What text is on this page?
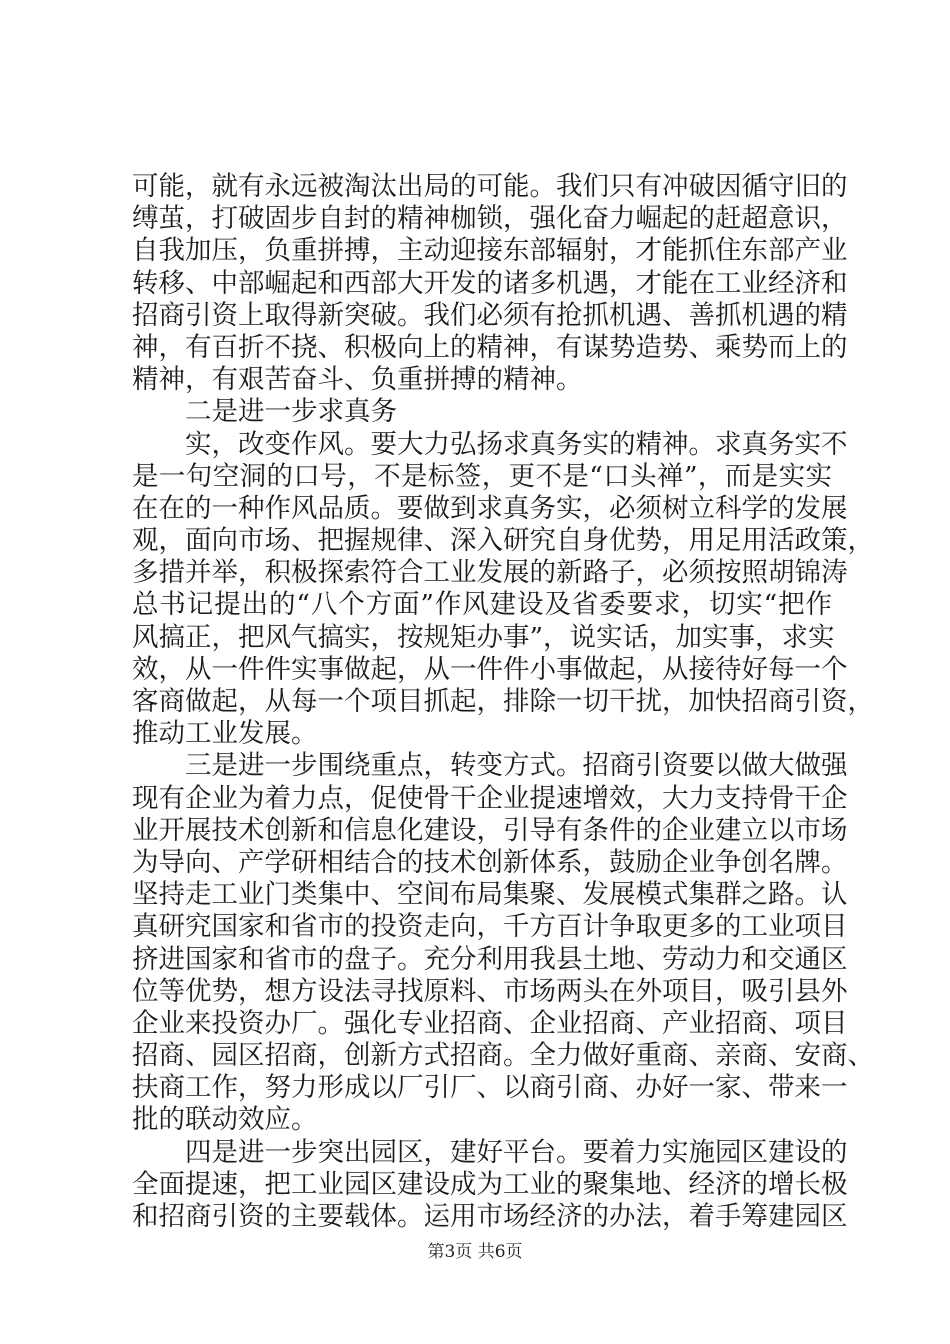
可能，就有永远被淘汰出局的可能。我们只有冲破因循守旧的
缚茧，打破固步自封的精神枷锁，强化奋力崛起的赶超意识，
自我加压，负重拼搏，主动迎接东部辐射，才能抓住东部产业
转移、中部崛起和西部大开发的诸多机遇，才能在工业经济和
招商引资上取得新突破。我们必须有抢抓机遇、善抓机遇的精
神，有百折不挠、积极向上的精神，有谋势造势、乘势而上的
精神，有艰苦奋斗、负重拼搏的精神。
　　二是进一步求真务
　　实，改变作风。要大力弘扬求真务实的精神。求真务实不
是一句空洞的口号，不是标签，更不是“口头禅”，而是实实
在在的一种作风品质。要做到求真务实，必须树立科学的发展
观，面向市场、把握规律、深入研究自身优势，用足用活政策，
多措并举，积极探索符合工业发展的新路子，必须按照胡锦涛
总书记提出的“八个方面”作风建设及省委要求，切实“把作
风搞正，把风气搞实，按规矩办事”，说实话，加实事，求实
效，从一件件实事做起，从一件件小事做起，从接待好每一个
客商做起，从每一个项目抓起，排除一切干扰，加快招商引资，
推动工业发展。
　　三是进一步围绕重点，转变方式。招商引资要以做大做强
现有企业为着力点，促使骨干企业提速增效，大力支持骨干企
业开展技术创新和信息化建设，引导有条件的企业建立以市场
为导向、产学研相结合的技术创新体系，鼓励企业争创名牌。
坚持走工业门类集中、空间布局集聚、发展模式集群之路。认
真研究国家和省市的投资走向，千方百计争取更多的工业项目
挤进国家和省市的盘子。充分利用我县土地、劳动力和交通区
位等优势，想方设法寻找原料、市场两头在外项目，吸引县外
企业来投资办厂。强化专业招商、企业招商、产业招商、项目
招商、园区招商，创新方式招商。全力做好重商、亲商、安商、
扶商工作，努力形成以厂引厂、以商引商、办好一家、带来一
批的联动效应。
　　四是进一步突出园区，建好平台。要着力实施园区建设的
全面提速，把工业园区建设成为工业的聚集地、经济的增长极
和招商引资的主要载体。运用市场经济的办法，着手筹建园区
第3页 共6页
